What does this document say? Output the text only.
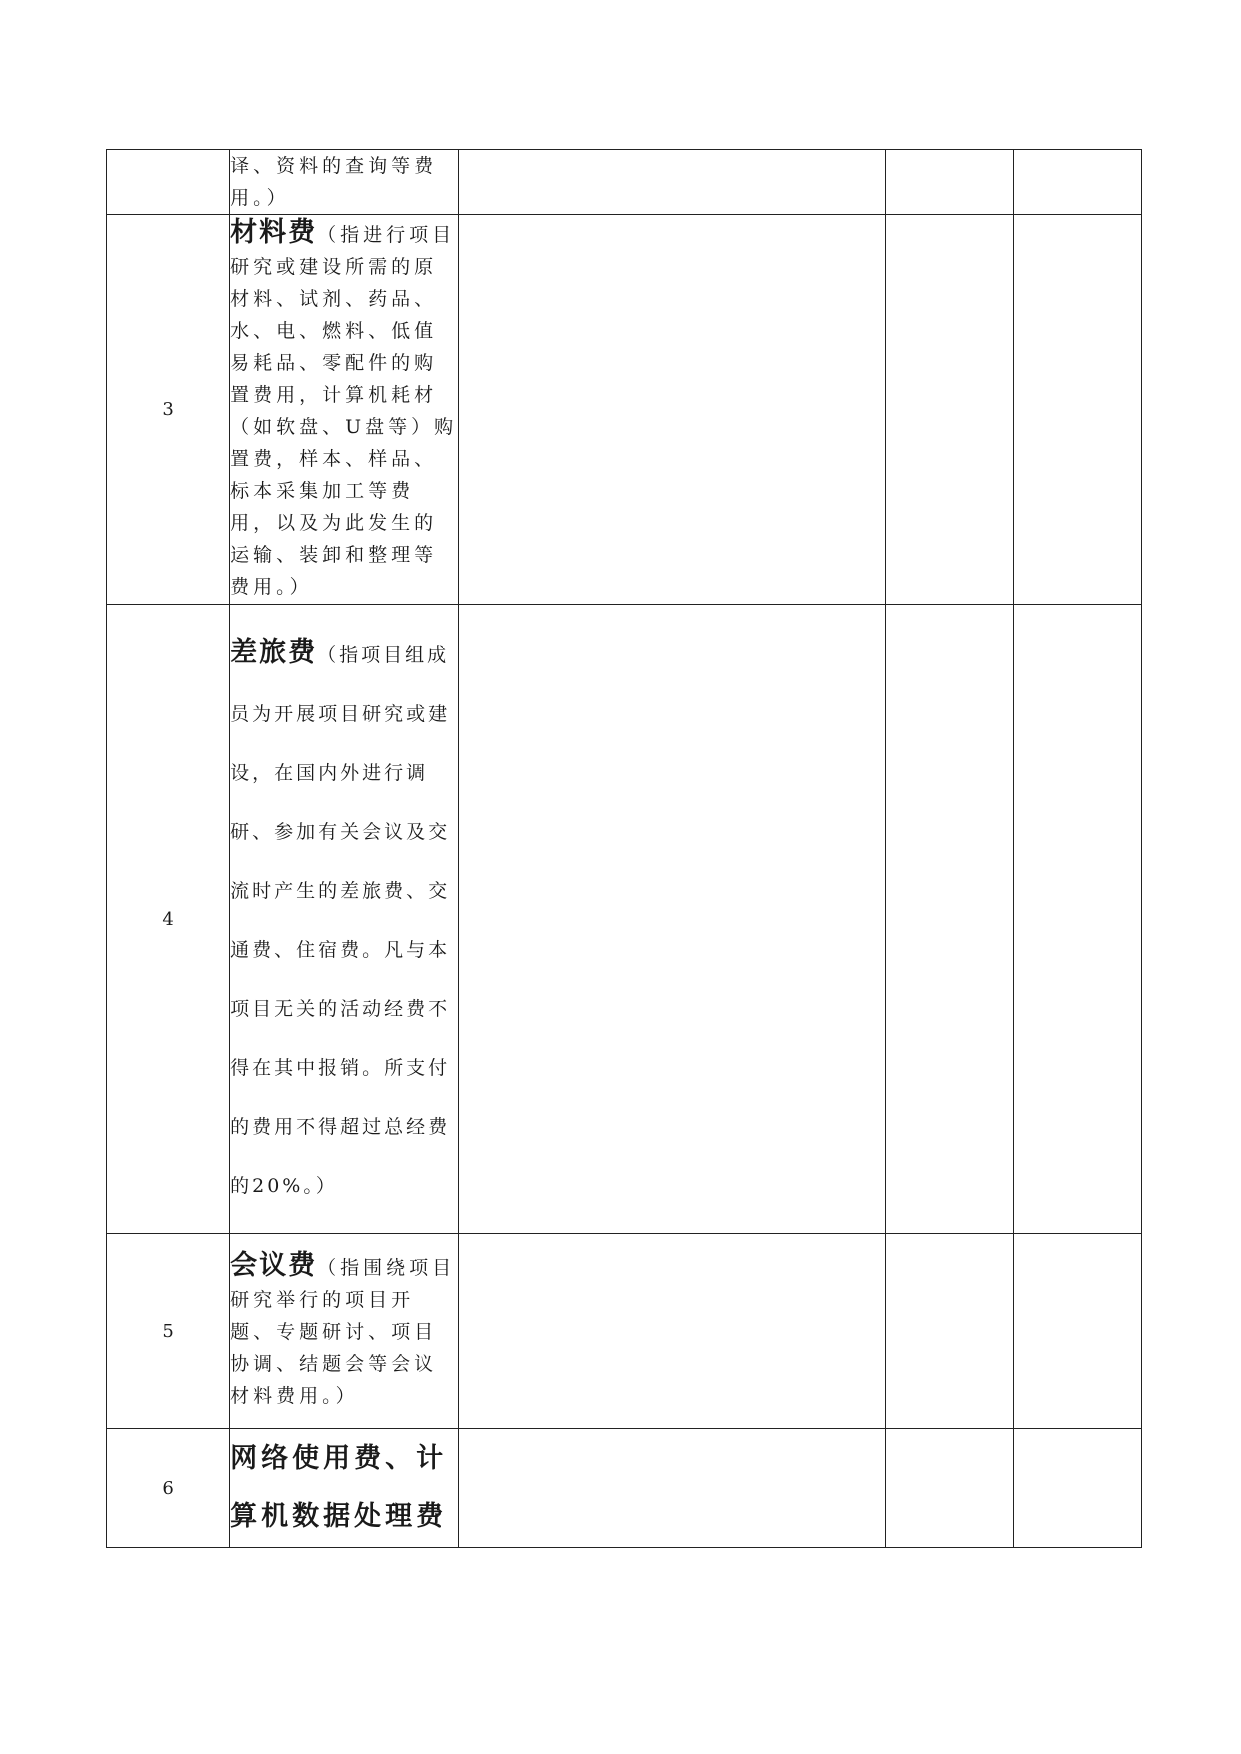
	译、资料的查询等费用。）			

3	材料费（指进行项目研究或建设所需的原材料、试剂、药品、水、电、燃料、低值易耗品、零配件的购置费用，计算机耗材（如软盘、U盘等）购置费，样本、样品、标本采集加工等费用，以及为此发生的运输、装卸和整理等费用。）			

4	差旅费（指项目组成员为开展项目研究或建设，在国内外进行调研、参加有关会议及交流时产生的差旅费、交通费、住宿费。凡与本项目无关的活动经费不得在其中报销。所支付的费用不得超过总经费的20%。）			

5	会议费（指围绕项目研究举行的项目开题、专题研讨、项目协调、结题会等会议材料费用。）			

6	网络使用费、计算机数据处理费			
